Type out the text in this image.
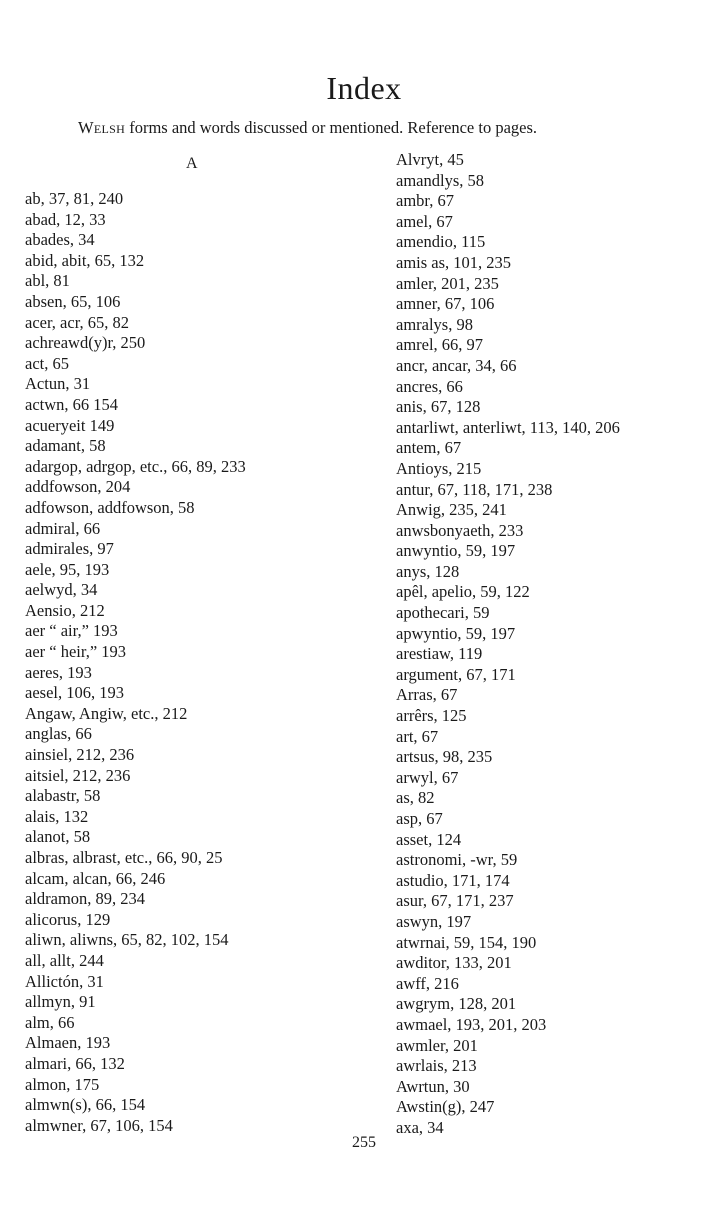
Index
Welsh forms and words discussed or mentioned. Reference to pages.
A
ab, 37, 81, 240
abad, 12, 33
abades, 34
abid, abit, 65, 132
abl, 81
absen, 65, 106
acer, acr, 65, 82
achreawd(y)r, 250
act, 65
Actun, 31
actwn, 66 154
acueryeit 149
adamant, 58
adargop, adrgop, etc., 66, 89, 233
addfowson, 204
adfowson, addfowson, 58
admiral, 66
admirales, 97
aele, 95, 193
aelwyd, 34
Aensio, 212
aer “ air,” 193
aer “ heir,” 193
aeres, 193
aesel, 106, 193
Angaw, Angiw, etc., 212
anglas, 66
ainsiel, 212, 236
aitsiel, 212, 236
alabastr, 58
alais, 132
alanot, 58
albras, albrast, etc., 66, 90, 25
alcam, alcan, 66, 246
aldramon, 89, 234
alicorus, 129
aliwn, aliwns, 65, 82, 102, 154
all, allt, 244
Allictón, 31
allmyn, 91
alm, 66
Almaen, 193
almari, 66, 132
almon, 175
almwn(s), 66, 154
almwner, 67, 106, 154
Alvryt, 45
amandlys, 58
ambr, 67
amel, 67
amendio, 115
amis as, 101, 235
amler, 201, 235
amner, 67, 106
amralys, 98
amrel, 66, 97
ancr, ancar, 34, 66
ancres, 66
anis, 67, 128
antarliwt, anterliwt, 113, 140, 206
antem, 67
Antioys, 215
antur, 67, 118, 171, 238
Anwig, 235, 241
anwsbonyaeth, 233
anwyntio, 59, 197
anys, 128
apêl, apelio, 59, 122
apothecari, 59
apwyntio, 59, 197
arestiaw, 119
argument, 67, 171
Arras, 67
arrêrs, 125
art, 67
artsus, 98, 235
arwyl, 67
as, 82
asp, 67
asset, 124
astronomi, -wr, 59
astudio, 171, 174
asur, 67, 171, 237
aswyn, 197
atwrnai, 59, 154, 190
awditor, 133, 201
awff, 216
awgrym, 128, 201
awmael, 193, 201, 203
awmler, 201
awrlais, 213
Awrtun, 30
Awstin(g), 247
axa, 34
255
